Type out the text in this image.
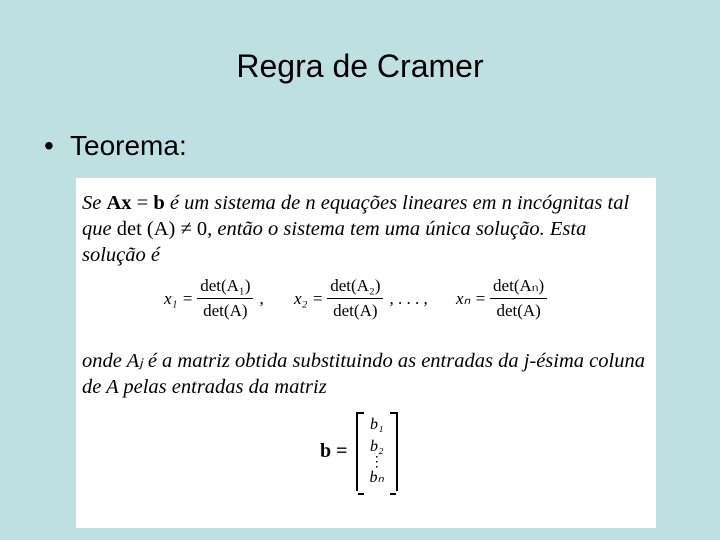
Regra de Cramer
• Teorema:
Se Ax = b é um sistema de n equações lineares em n incógnitas tal que det (A) ≠ 0, então o sistema tem uma única solução. Esta solução é
$x_1 = \frac{\text{det(A₁)}}{\det(A)}$ , $x_2 = \frac{\text{det(A₂)}}{\det(A)}$ , . . . , $x_n = \frac{\text{det(Aₙ)}}{\det(A)}$
onde Aⱼ é a matriz obtida substituindo as entradas da j-ésima coluna de A pelas entradas da matriz
b =
b₁
b₂
⋮
bₙ
